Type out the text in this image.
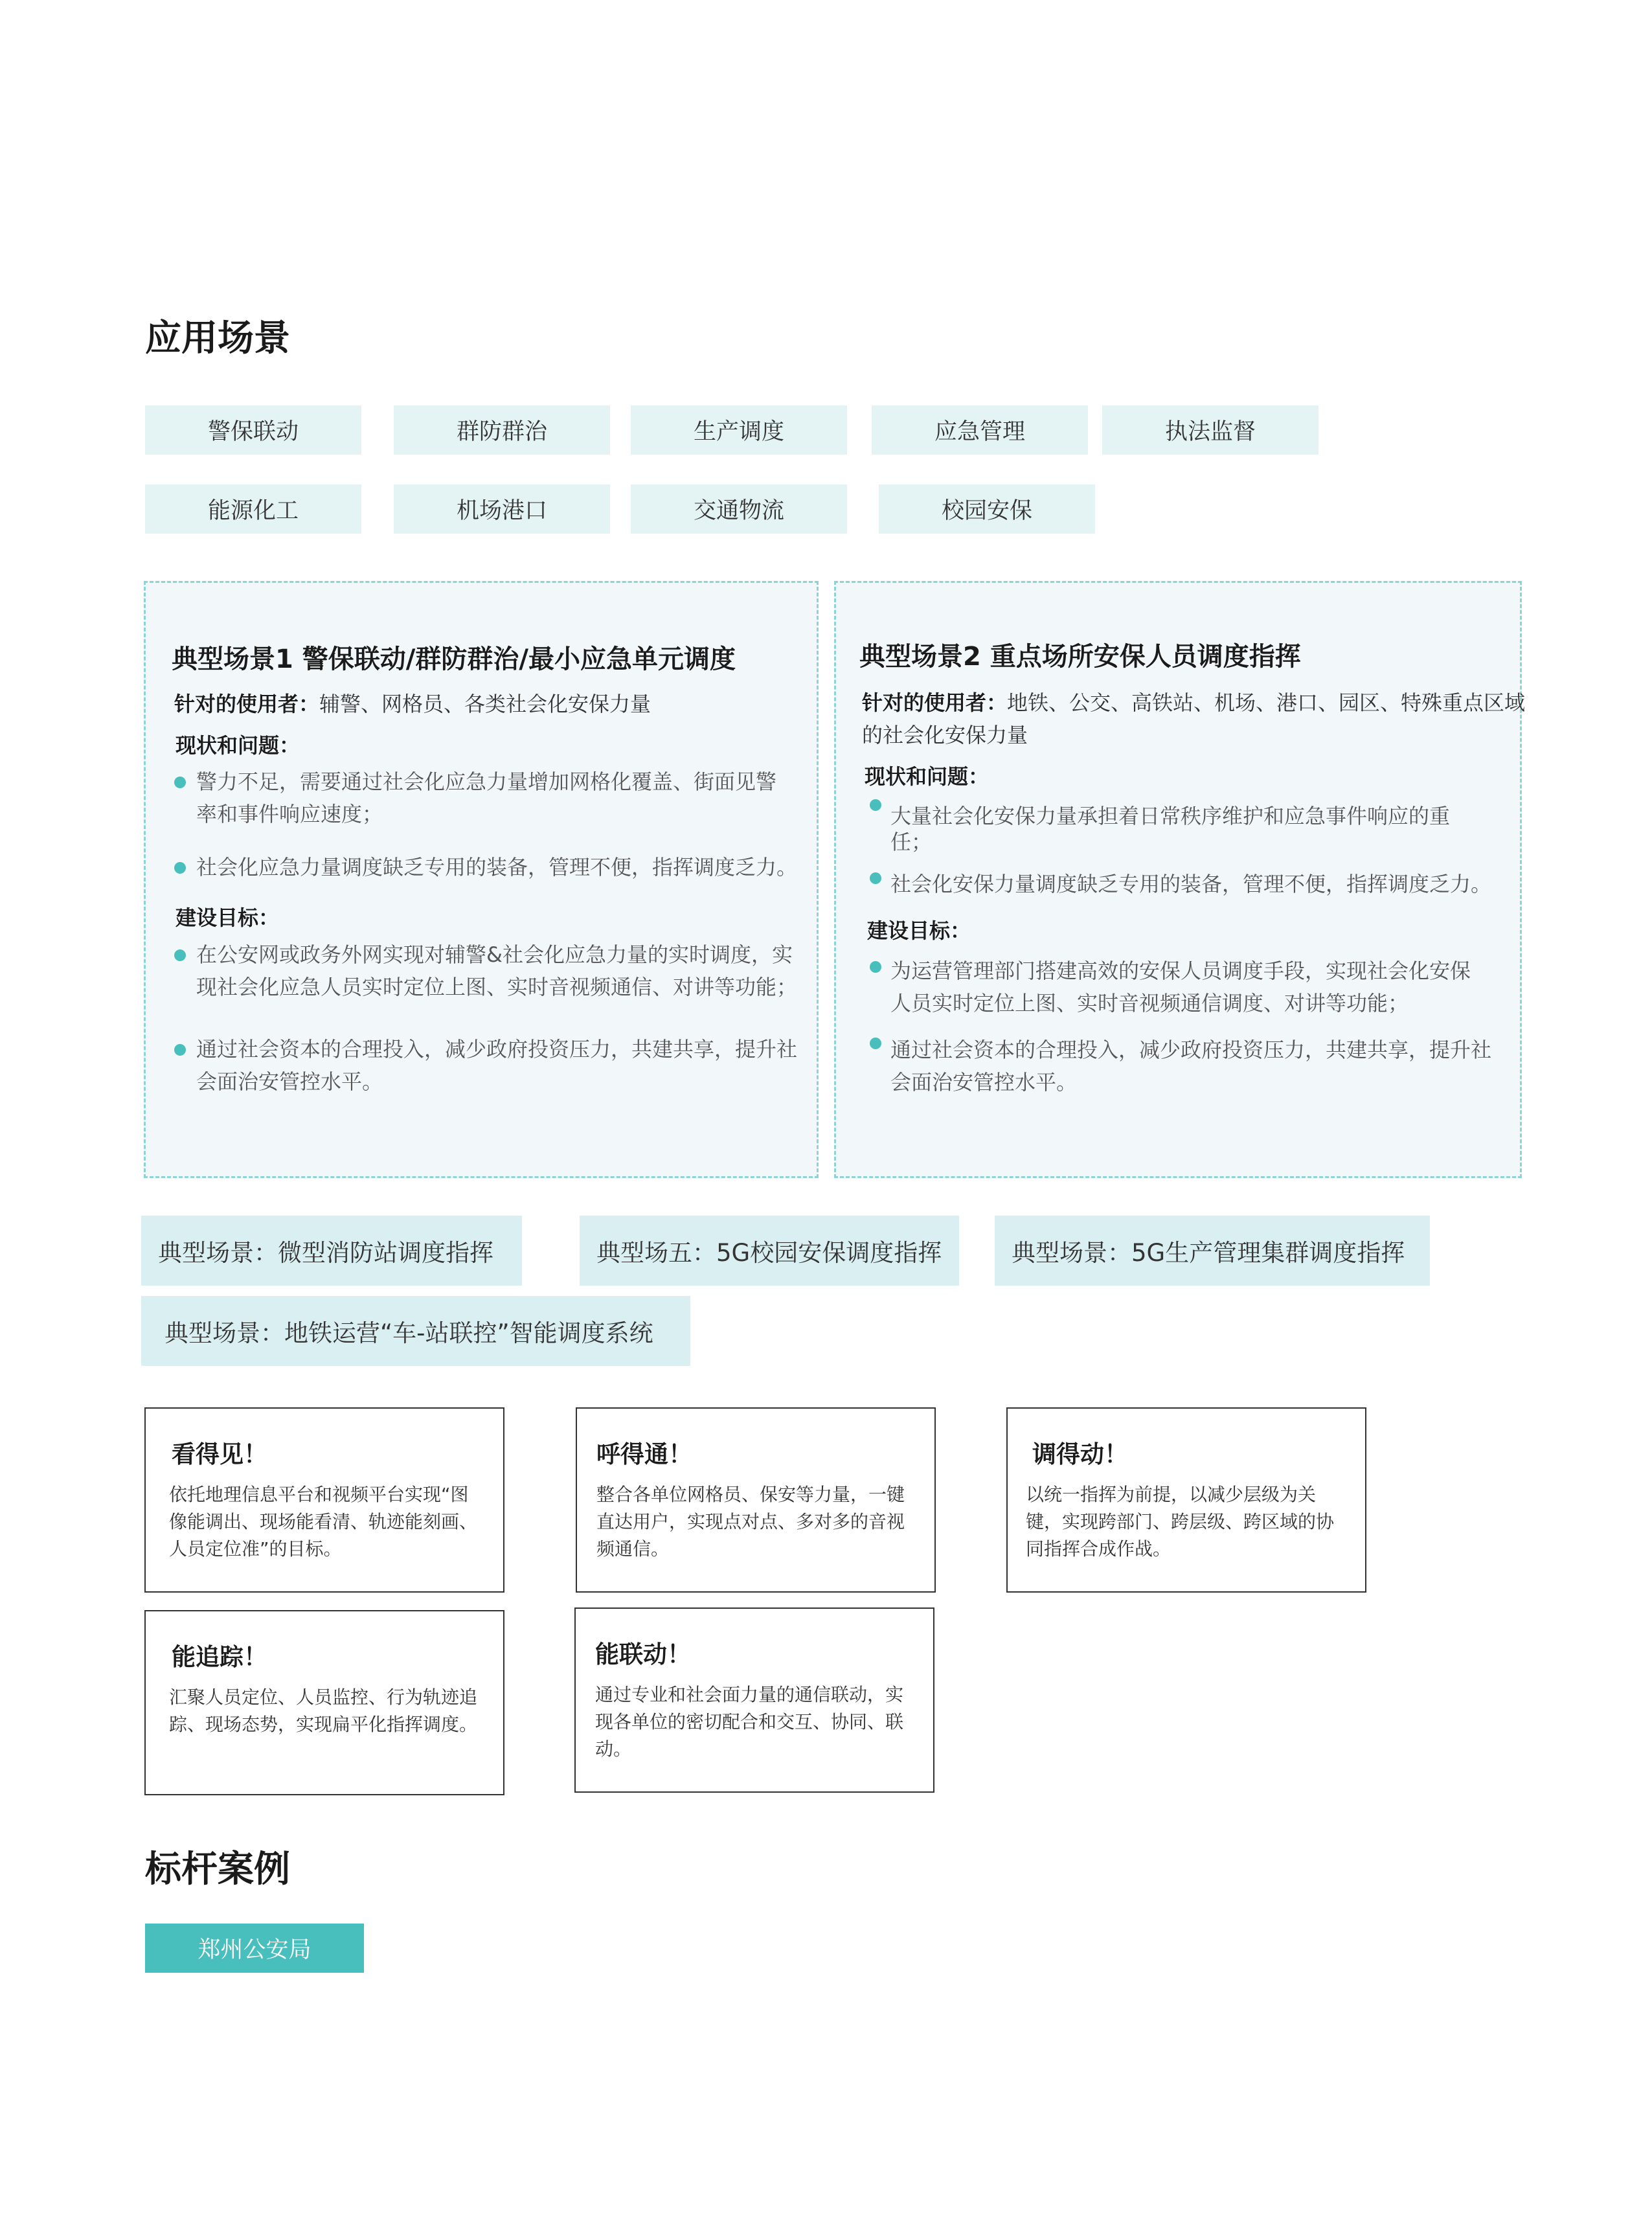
应用场景
警保联动	群防群治	生产调度	应急管理	执法监督
能源化工	机场港口	交通物流	校园安保
典型场景1 警保联动/群防群治/最小应急单元调度
针对的使用者：辅警、网格员、各类社会化安保力量
现状和问题：
警力不足，需要通过社会化应急力量增加网格化覆盖、街面见警
率和事件响应速度；
社会化应急力量调度缺乏专用的装备，管理不便，指挥调度乏力。
建设目标：
在公安网或政务外网实现对辅警&社会化应急力量的实时调度，实
现社会化应急人员实时定位上图、实时音视频通信、对讲等功能；
通过社会资本的合理投入，减少政府投资压力，共建共享，提升社
会面治安管控水平。
典型场景2 重点场所安保人员调度指挥
针对的使用者：地铁、公交、高铁站、机场、港口、园区、特殊重点区域
的社会化安保力量
现状和问题：
大量社会化安保力量承担着日常秩序维护和应急事件响应的重
任；
社会化安保力量调度缺乏专用的装备，管理不便，指挥调度乏力。
建设目标：
为运营管理部门搭建高效的安保人员调度手段，实现社会化安保
人员实时定位上图、实时音视频通信调度、对讲等功能；
通过社会资本的合理投入，减少政府投资压力，共建共享，提升社
会面治安管控水平。
典型场景：微型消防站调度指挥	典型场五：5G校园安保调度指挥	典型场景：5G生产管理集群调度指挥
典型场景：地铁运营“车-站联控”智能调度系统
看得见！
依托地理信息平台和视频平台实现“图像能调出、现场能看清、轨迹能刻画、人员定位准”的目标。
呼得通！
整合各单位网格员、保安等力量，一键直达用户，实现点对点、多对多的音视频通信。
调得动！
以统一指挥为前提，以减少层级为关键，实现跨部门、跨层级、跨区域的协同指挥合成作战。
能追踪！
汇聚人员定位、人员监控、行为轨迹追踪、现场态势，实现扁平化指挥调度。
能联动！
通过专业和社会面力量的通信联动，实现各单位的密切配合和交互、协同、联动。
标杆案例
郑州公安局
